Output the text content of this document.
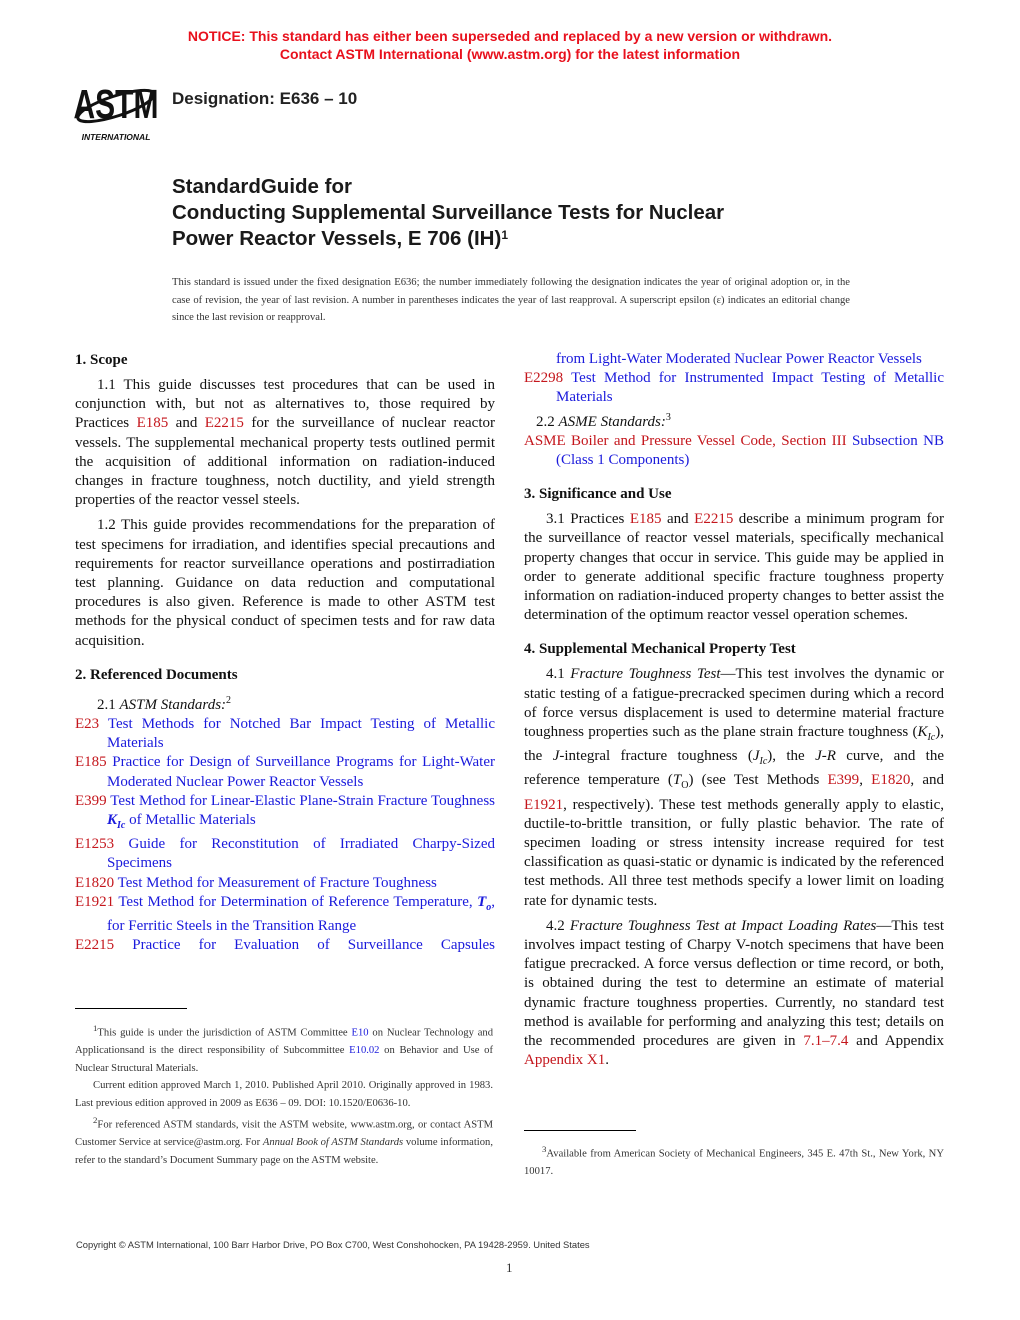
NOTICE: This standard has either been superseded and replaced by a new version or withdrawn.
Contact ASTM International (www.astm.org) for the latest information
ASTM
INTERNATIONAL
Designation: E636 – 10
StandardGuide for
Conducting Supplemental Surveillance Tests for Nuclear
Power Reactor Vessels, E 706 (IH)$^1$
This standard is issued under the fixed designation E636; the number immediately following the designation indicates the year of original adoption or, in the case of revision, the year of last revision. A number in parentheses indicates the year of last reapproval. A superscript epsilon (ε) indicates an editorial change since the last revision or reapproval.
1. Scope

1.1 This guide discusses test procedures that can be used in conjunction with, but not as alternatives to, those required by Practices E185 and E2215 for the surveillance of nuclear reactor vessels. The supplemental mechanical property tests outlined permit the acquisition of additional information on radiation-induced changes in fracture toughness, notch ductility, and yield strength properties of the reactor vessel steels.

1.2 This guide provides recommendations for the preparation of test specimens for irradiation, and identifies special precautions and requirements for reactor surveillance operations and postirradiation test planning. Guidance on data reduction and computational procedures is also given. Reference is made to other ASTM test methods for the physical conduct of specimen tests and for raw data acquisition.

2. Referenced Documents

2.1 ASTM Standards:$^2$

E23 Test Methods for Notched Bar Impact Testing of Metallic Materials

E185 Practice for Design of Surveillance Programs for Light-Water Moderated Nuclear Power Reactor Vessels

E399 Test Method for Linear-Elastic Plane-Strain Fracture Toughness $K_{Ic}$ of Metallic Materials

E1253 Guide for Reconstitution of Irradiated Charpy-Sized Specimens

E1820 Test Method for Measurement of Fracture Toughness

E1921 Test Method for Determination of Reference Temperature, $T_o$, for Ferritic Steels in the Transition Range

E2215 Practice for Evaluation of Surveillance Capsules

$^1$This guide is under the jurisdiction of ASTM Committee E10 on Nuclear Technology and Applicationsand is the direct responsibility of Subcommittee E10.02 on Behavior and Use of Nuclear Structural Materials.

Current edition approved March 1, 2010. Published April 2010. Originally approved in 1983. Last previous edition approved in 2009 as E636 – 09. DOI: 10.1520/E0636-10.

$^2$For referenced ASTM standards, visit the ASTM website, www.astm.org, or contact ASTM Customer Service at service@astm.org. For Annual Book of ASTM Standards volume information, refer to the standard’s Document Summary page on the ASTM website.

from Light-Water Moderated Nuclear Power Reactor Vessels

E2298 Test Method for Instrumented Impact Testing of Metallic Materials

2.2 ASME Standards:$^3$

ASME Boiler and Pressure Vessel Code, Section III Subsection NB (Class 1 Components)

3. Significance and Use

3.1 Practices E185 and E2215 describe a minimum program for the surveillance of reactor vessel materials, specifically mechanical property changes that occur in service. This guide may be applied in order to generate additional specific fracture toughness property information on radiation-induced property changes to better assist the determination of the optimum reactor vessel operation schemes.

4. Supplemental Mechanical Property Test

4.1 Fracture Toughness Test—This test involves the dynamic or static testing of a fatigue-precracked specimen during which a record of force versus displacement is used to determine material fracture toughness properties such as the plane strain fracture toughness $(K_{Ic})$, the J-integral fracture toughness $(J_{Ic})$, the J-R curve, and the reference temperature $(T_O)$ (see Test Methods E399, E1820, and E1921, respectively). These test methods generally apply to elastic, ductile-to-brittle transition, or fully plastic behavior. The rate of specimen loading or stress intensity increase required for test classification as quasi-static or dynamic is indicated by the referenced test methods. All three test methods specify a lower limit on loading rate for dynamic tests.

4.2 Fracture Toughness Test at Impact Loading Rates—This test involves impact testing of Charpy V-notch specimens that have been fatigue precracked. A force versus deflection or time record, or both, is obtained during the test to determine an estimate of material dynamic fracture toughness properties. Currently, no standard test method is available for performing and analyzing this test; details on the recommended procedures are given in 7.1–7.4 and Appendix Appendix X1.

$^3$Available from American Society of Mechanical Engineers, 345 E. 47th St., New York, NY 10017.

Copyright © ASTM International, 100 Barr Harbor Drive, PO Box C700, West Conshohocken, PA 19428-2959. United States
1
